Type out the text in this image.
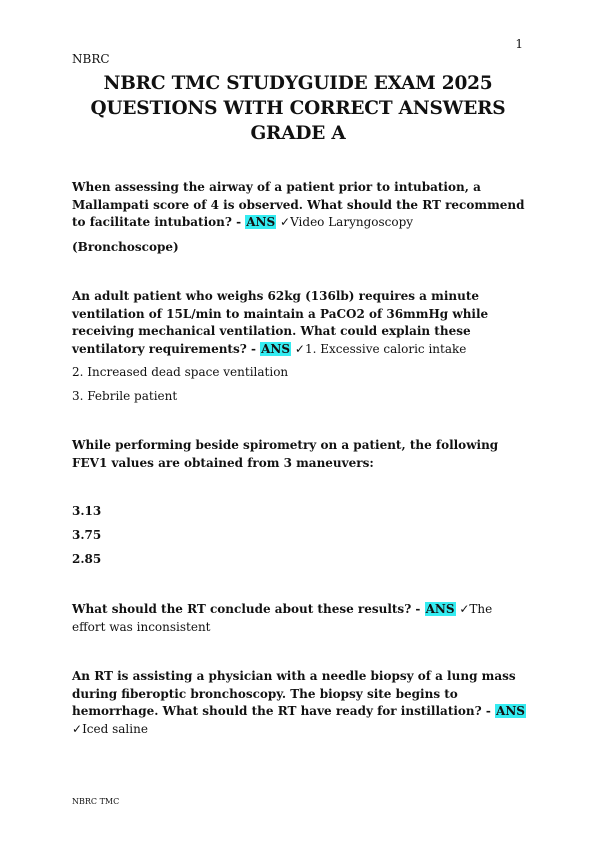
1
NBRC
NBRC TMC STUDYGUIDE EXAM 2025 QUESTIONS WITH CORRECT ANSWERS GRADE A
When assessing the airway of a patient prior to intubation, a Mallampati score of 4 is observed. What should the RT recommend to facilitate intubation? - ANS ✓Video Laryngoscopy
(Bronchoscope)
An adult patient who weighs 62kg (136lb) requires a minute ventilation of 15L/min to maintain a PaCO2 of 36mmHg while receiving mechanical ventilation. What could explain these ventilatory requirements? - ANS ✓1. Excessive caloric intake
2. Increased dead space ventilation
3. Febrile patient
While performing beside spirometry on a patient, the following FEV1 values are obtained from 3 maneuvers:
3.13
3.75
2.85
What should the RT conclude about these results? - ANS ✓The effort was inconsistent
An RT is assisting a physician with a needle biopsy of a lung mass during fiberoptic bronchoscopy. The biopsy site begins to hemorrhage. What should the RT have ready for instillation? - ANS ✓Iced saline
NBRC TMC
